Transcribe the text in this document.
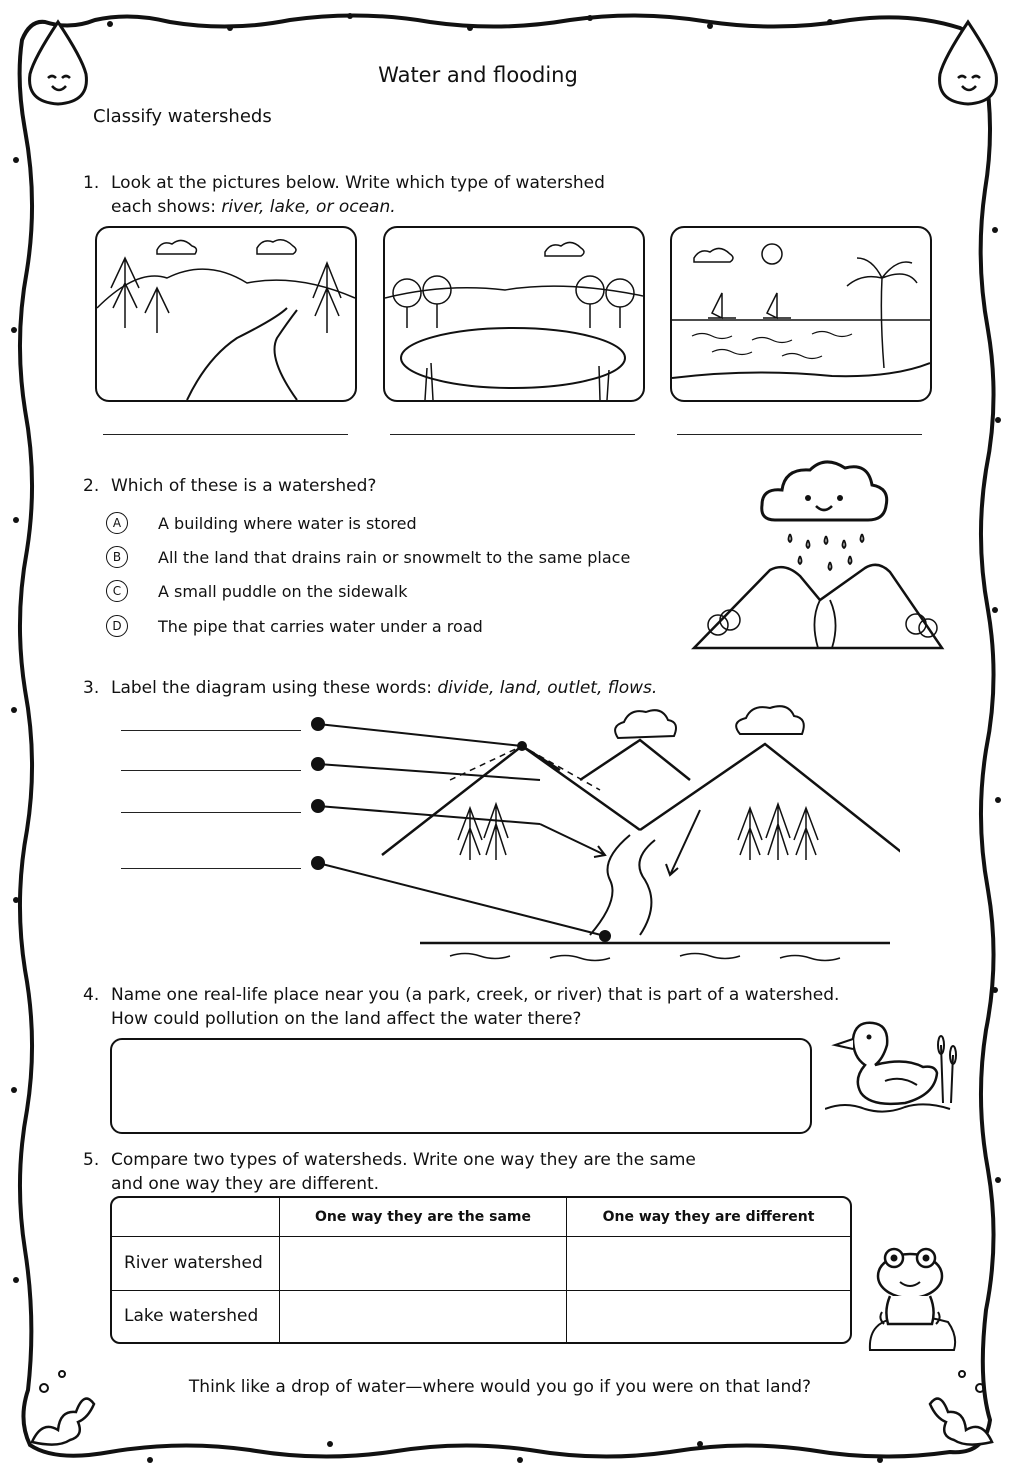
Water and flooding
Classify watersheds
1. Look at the pictures below. Write which type of watershed
each shows: river, lake, or ocean.
2. Which of these is a watershed?
A	A building where water is stored
B	All the land that drains rain or snowmelt to the same place
C	A small puddle on the sidewalk
D	The pipe that carries water under a road
3. Label the diagram using these words: divide, land, outlet, flows.
4. Name one real-life place near you (a park, creek, or river) that is part of a watershed.
How could pollution on the land affect the water there?
5. Compare two types of watersheds. Write one way they are the same
and one way they are different.
	One way they are the same	One way they are different
River watershed		
Lake watershed		
Think like a drop of water—where would you go if you were on that land?
